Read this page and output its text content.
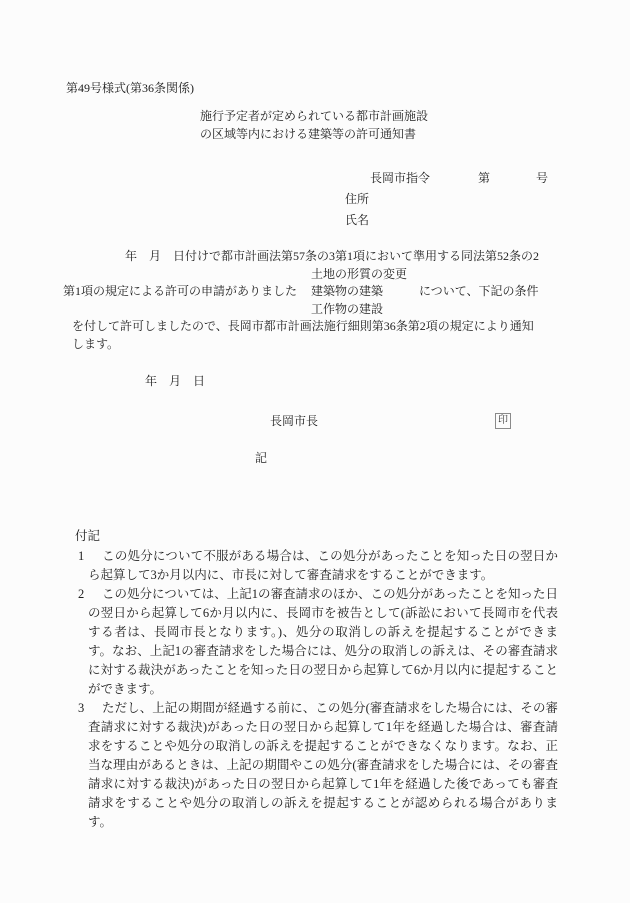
第49号様式(第36条関係)
施行予定者が定められている都市計画施設
の区域等内における建築等の許可通知書
長岡市指令	第	号
住所
氏名
年　月　日付けで都市計画法第57条の3第1項において準用する同法第52条の2
第1項の規定による許可の申請がありました
土地の形質の変更
建築物の建築
工作物の建設
について、下記の条件
を付して許可しましたので、長岡市都市計画法施行細則第36条第2項の規定により通知
します。
年　月　日
長岡市長	印
記
付記

1 この処分について不服がある場合は、この処分があったことを知った日の翌日から起算して3か月以内に、市長に対して審査請求をすることができます。

2 この処分については、上記1の審査請求のほか、この処分があったことを知った日の翌日から起算して6か月以内に、長岡市を被告として(訴訟において長岡市を代表する者は、長岡市長となります。)、処分の取消しの訴えを提起することができます。なお、上記1の審査請求をした場合には、処分の取消しの訴えは、その審査請求に対する裁決があったことを知った日の翌日から起算して6か月以内に提起することができます。

3 ただし、上記の期間が経過する前に、この処分(審査請求をした場合には、その審査請求に対する裁決)があった日の翌日から起算して1年を経過した場合は、審査請求をすることや処分の取消しの訴えを提起することができなくなります。なお、正当な理由があるときは、上記の期間やこの処分(審査請求をした場合には、その審査請求に対する裁決)があった日の翌日から起算して1年を経過した後であっても審査請求をすることや処分の取消しの訴えを提起することが認められる場合があります。
